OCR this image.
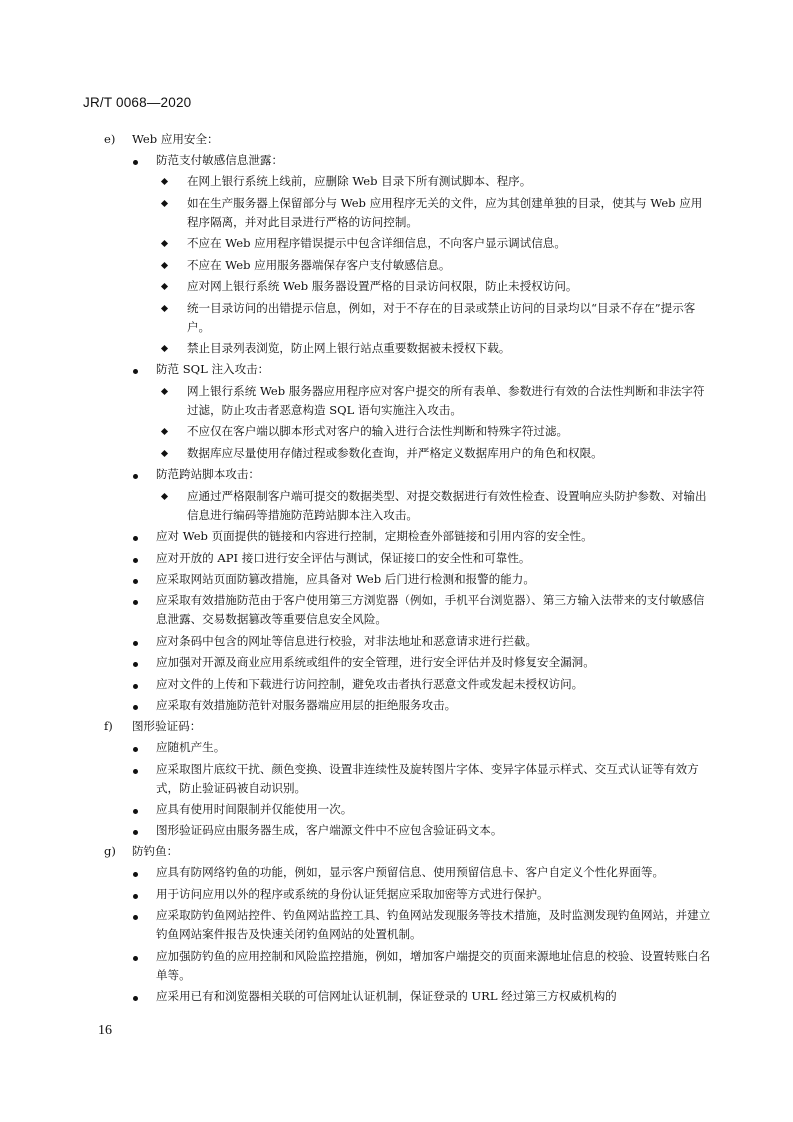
JR/T 0068—2020
e) Web 应用安全：
防范支付敏感信息泄露：
在网上银行系统上线前，应删除 Web 目录下所有测试脚本、程序。
如在生产服务器上保留部分与 Web 应用程序无关的文件，应为其创建单独的目录，使其与 Web 应用程序隔离，并对此目录进行严格的访问控制。
不应在 Web 应用程序错误提示中包含详细信息，不向客户显示调试信息。
不应在 Web 应用服务器端保存客户支付敏感信息。
应对网上银行系统 Web 服务器设置严格的目录访问权限，防止未授权访问。
统一目录访问的出错提示信息，例如，对于不存在的目录或禁止访问的目录均以“目录不存在”提示客户。
禁止目录列表浏览，防止网上银行站点重要数据被未授权下载。
防范 SQL 注入攻击：
网上银行系统 Web 服务器应用程序应对客户提交的所有表单、参数进行有效的合法性判断和非法字符过滤，防止攻击者恶意构造 SQL 语句实施注入攻击。
不应仅在客户端以脚本形式对客户的输入进行合法性判断和特殊字符过滤。
数据库应尽量使用存储过程或参数化查询，并严格定义数据库用户的角色和权限。
防范跨站脚本攻击：
应通过严格限制客户端可提交的数据类型、对提交数据进行有效性检查、设置响应头防护参数、对输出信息进行编码等措施防范跨站脚本注入攻击。
应对 Web 页面提供的链接和内容进行控制，定期检查外部链接和引用内容的安全性。
应对开放的 API 接口进行安全评估与测试，保证接口的安全性和可靠性。
应采取网站页面防篡改措施，应具备对 Web 后门进行检测和报警的能力。
应采取有效措施防范由于客户使用第三方浏览器（例如，手机平台浏览器）、第三方输入法带来的支付敏感信息泄露、交易数据篡改等重要信息安全风险。
应对条码中包含的网址等信息进行校验，对非法地址和恶意请求进行拦截。
应加强对开源及商业应用系统或组件的安全管理，进行安全评估并及时修复安全漏洞。
应对文件的上传和下载进行访问控制，避免攻击者执行恶意文件或发起未授权访问。
应采取有效措施防范针对服务器端应用层的拒绝服务攻击。
f) 图形验证码：
应随机产生。
应采取图片底纹干扰、颜色变换、设置非连续性及旋转图片字体、变异字体显示样式、交互式认证等有效方式，防止验证码被自动识别。
应具有使用时间限制并仅能使用一次。
图形验证码应由服务器生成，客户端源文件中不应包含验证码文本。
g) 防钓鱼：
应具有防网络钓鱼的功能，例如，显示客户预留信息、使用预留信息卡、客户自定义个性化界面等。
用于访问应用以外的程序或系统的身份认证凭据应采取加密等方式进行保护。
应采取防钓鱼网站控件、钓鱼网站监控工具、钓鱼网站发现服务等技术措施，及时监测发现钓鱼网站，并建立钓鱼网站案件报告及快速关闭钓鱼网站的处置机制。
应加强防钓鱼的应用控制和风险监控措施，例如，增加客户端提交的页面来源地址信息的校验、设置转账白名单等。
应采用已有和浏览器相关联的可信网址认证机制，保证登录的 URL 经过第三方权威机构的
16
